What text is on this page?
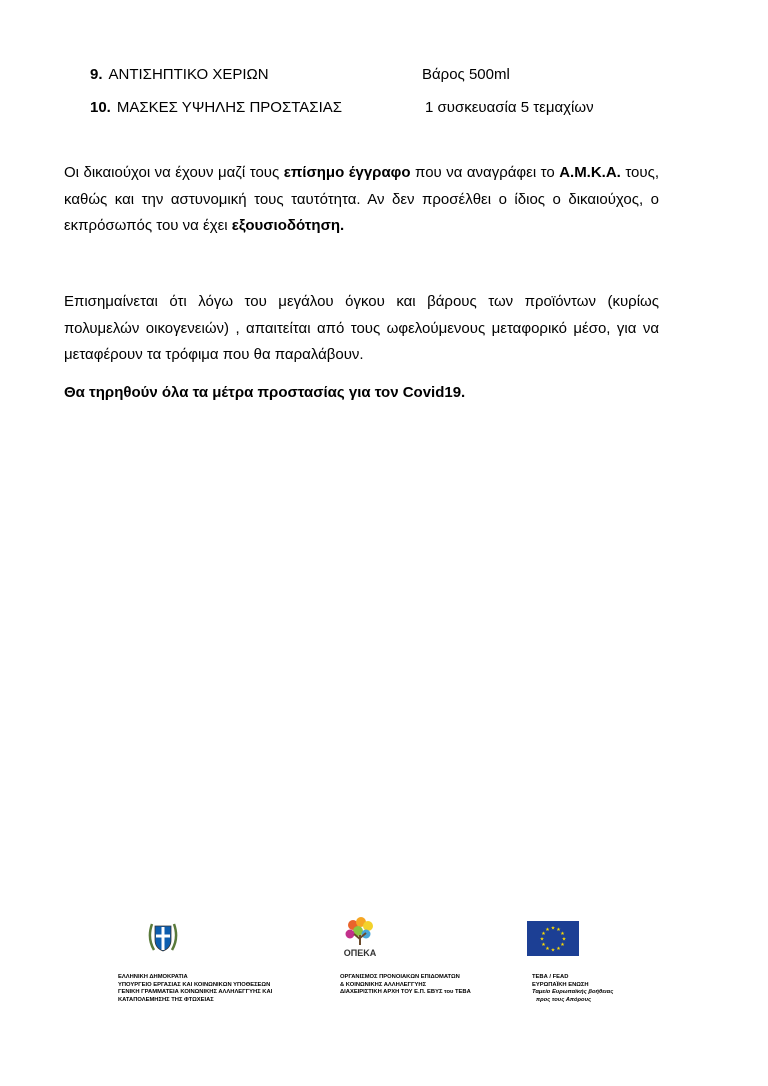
9. ΑΝΤΙΣΗΠΤΙΚΟ ΧΕΡΙΩΝ	Βάρος 500ml
10. ΜΑΣΚΕΣ ΥΨΗΛΗΣ ΠΡΟΣΤΑΣΙΑΣ	1 συσκευασία 5 τεμαχίων

Οι δικαιούχοι να έχουν μαζί τους επίσημο έγγραφο που να αναγράφει το Α.Μ.Κ.Α. τους, καθώς και την αστυνομική τους ταυτότητα. Αν δεν προσέλθει ο ίδιος ο δικαιούχος, ο εκπρόσωπός του να έχει εξουσιοδότηση.

Επισημαίνεται ότι λόγω του μεγάλου όγκου και βάρους των προϊόντων (κυρίως πολυμελών οικογενειών) , απαιτείται από τους ωφελούμενους μεταφορικό μέσο, για να μεταφέρουν τα τρόφιμα που θα παραλάβουν.

Θα τηρηθούν όλα τα μέτρα προστασίας για τον Covid19.

ΟΠΕΚΑ
★ ★
★
★
★
★
★
★
★
★
★
★
ΕΛΛΗΝΙΚΗ ΔΗΜΟΚΡΑΤΙΑ
ΥΠΟΥΡΓΕΙΟ ΕΡΓΑΣΙΑΣ ΚΑΙ ΚΟΙΝΩΝΙΚΩΝ ΥΠΟΘΕΣΕΩΝ
ΓΕΝΙΚΗ ΓΡΑΜΜΑΤΕΙΑ ΚΟΙΝΩΝΙΚΗΣ ΑΛΛΗΛΕΓΓΥΗΣ ΚΑΙ
ΚΑΤΑΠΟΛΕΜΗΣΗΣ ΤΗΣ ΦΤΩΧΕΙΑΣ
ΟΡΓΑΝΙΣΜΟΣ ΠΡΟΝΟΙΑΚΩΝ ΕΠΙΔΟΜΑΤΩΝ
& ΚΟΙΝΩΝΙΚΗΣ ΑΛΛΗΛΕΓΓΥΗΣ
ΔΙΑΧΕΙΡΙΣΤΙΚΗ ΑΡΧΗ ΤΟΥ Ε.Π. ΕΒΥΣ του ΤΕΒΑ
ΤΕΒΑ / FEAD
ΕΥΡΩΠΑΪΚΗ ΕΝΩΣΗ
Ταμείο Ευρωπαϊκής βοήθειας
προς τους Απόρους
